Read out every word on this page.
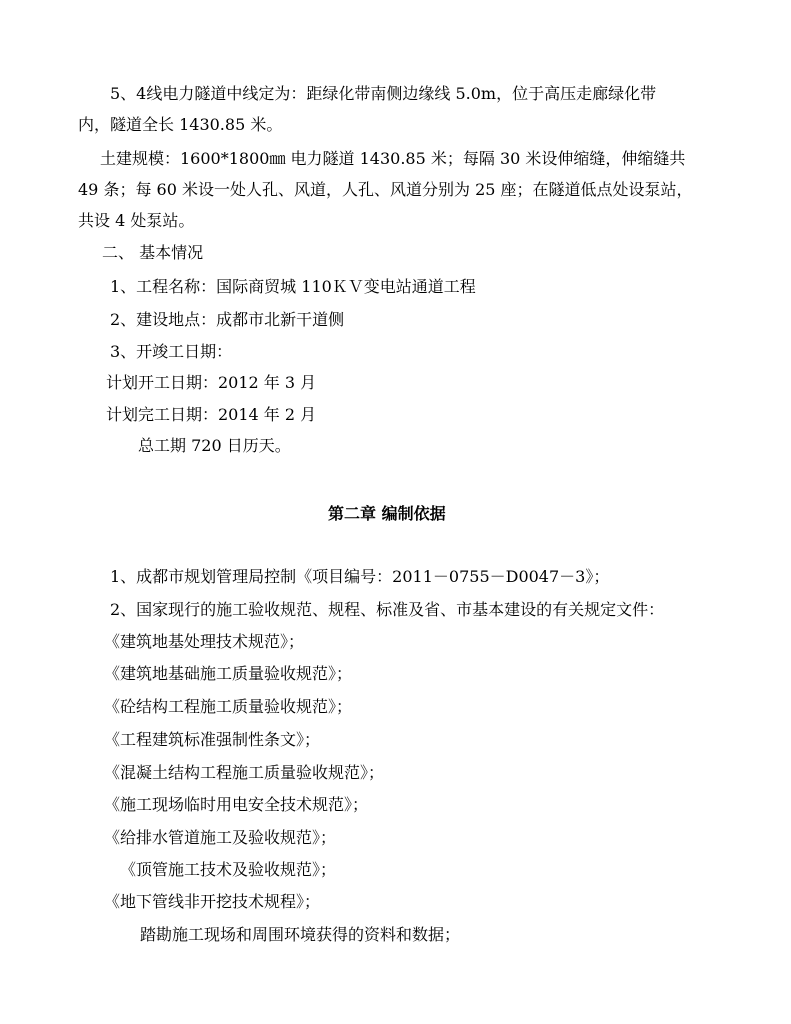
5、4线电力隧道中线定为：距绿化带南侧边缘线 5.0m，位于高压走廊绿化带
内，隧道全长 1430.85 米。
土建规模：1600*1800㎜ 电力隧道 1430.85 米；每隔 30 米设伸缩缝，伸缩缝共
49 条；每 60 米设一处人孔、风道，人孔、风道分别为 25 座；在隧道低点处设泵站，
共设 4 处泵站。
二、 基本情况
1、工程名称：国际商贸城 110ＫＶ变电站通道工程
2、建设地点：成都市北新干道侧
3、开竣工日期：
计划开工日期：2012 年 3 月
计划完工日期：2014 年 2 月
总工期 720 日历天。
第二章 编制依据
1、成都市规划管理局控制《项目编号：2011－0755－D0047－3》；
2、国家现行的施工验收规范、规程、标准及省、市基本建设的有关规定文件：
《建筑地基处理技术规范》；
《建筑地基础施工质量验收规范》；
《砼结构工程施工质量验收规范》；
《工程建筑标准强制性条文》；
《混凝土结构工程施工质量验收规范》；
《施工现场临时用电安全技术规范》；
《给排水管道施工及验收规范》；
《顶管施工技术及验收规范》；
《地下管线非开挖技术规程》；
踏勘施工现场和周围环境获得的资料和数据；
